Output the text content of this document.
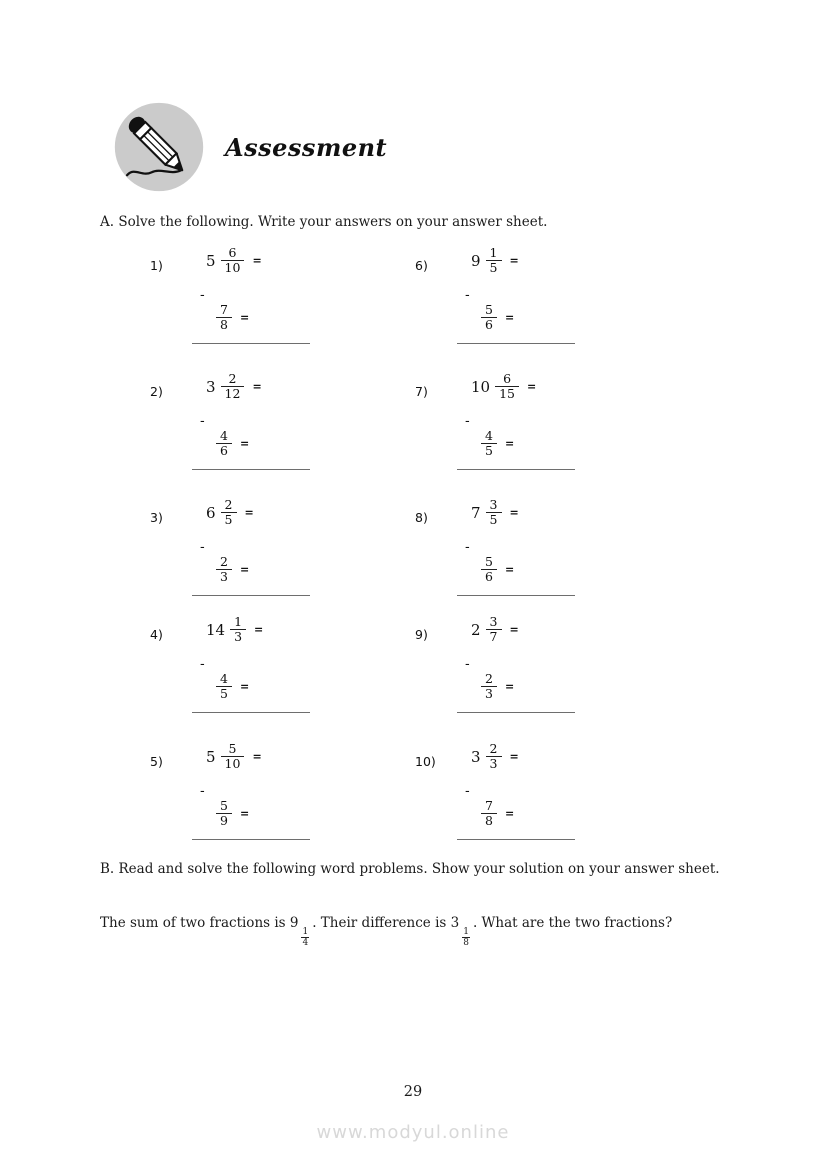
Assessment
A. Solve the following. Write your answers on your answer sheet.
1)	$5 \frac{6}{10}$ =
-
$\frac{7}{8}$ =
2)	$3 \frac{2}{12}$ =
-
$\frac{4}{6}$ =
3)	$6 \frac{2}{5}$ =
-
$\frac{2}{3}$ =
4)	$14 \frac{1}{3}$ =
-
$\frac{4}{5}$ =
5)	$5 \frac{5}{10}$ =
-
$\frac{5}{9}$ =
6)	$9 \frac{1}{5}$ =
-
$\frac{5}{6}$ =
7)	$10 \frac{6}{15}$ =
-
$\frac{4}{5}$ =
8)	$7 \frac{3}{5}$ =
-
$\frac{5}{6}$ =
9)	$2 \frac{3}{7}$ =
-
$\frac{2}{3}$ =
10) $3 \frac{2}{3}$ =
-
$\frac{7}{8}$ =
B. Read and solve the following word problems. Show your solution on your answer sheet.
The sum of two fractions is 9
$\frac{1}{4}$
. Their difference is 3
$\frac{1}{8}$
. What are the two fractions?
29
www.modyul.online
